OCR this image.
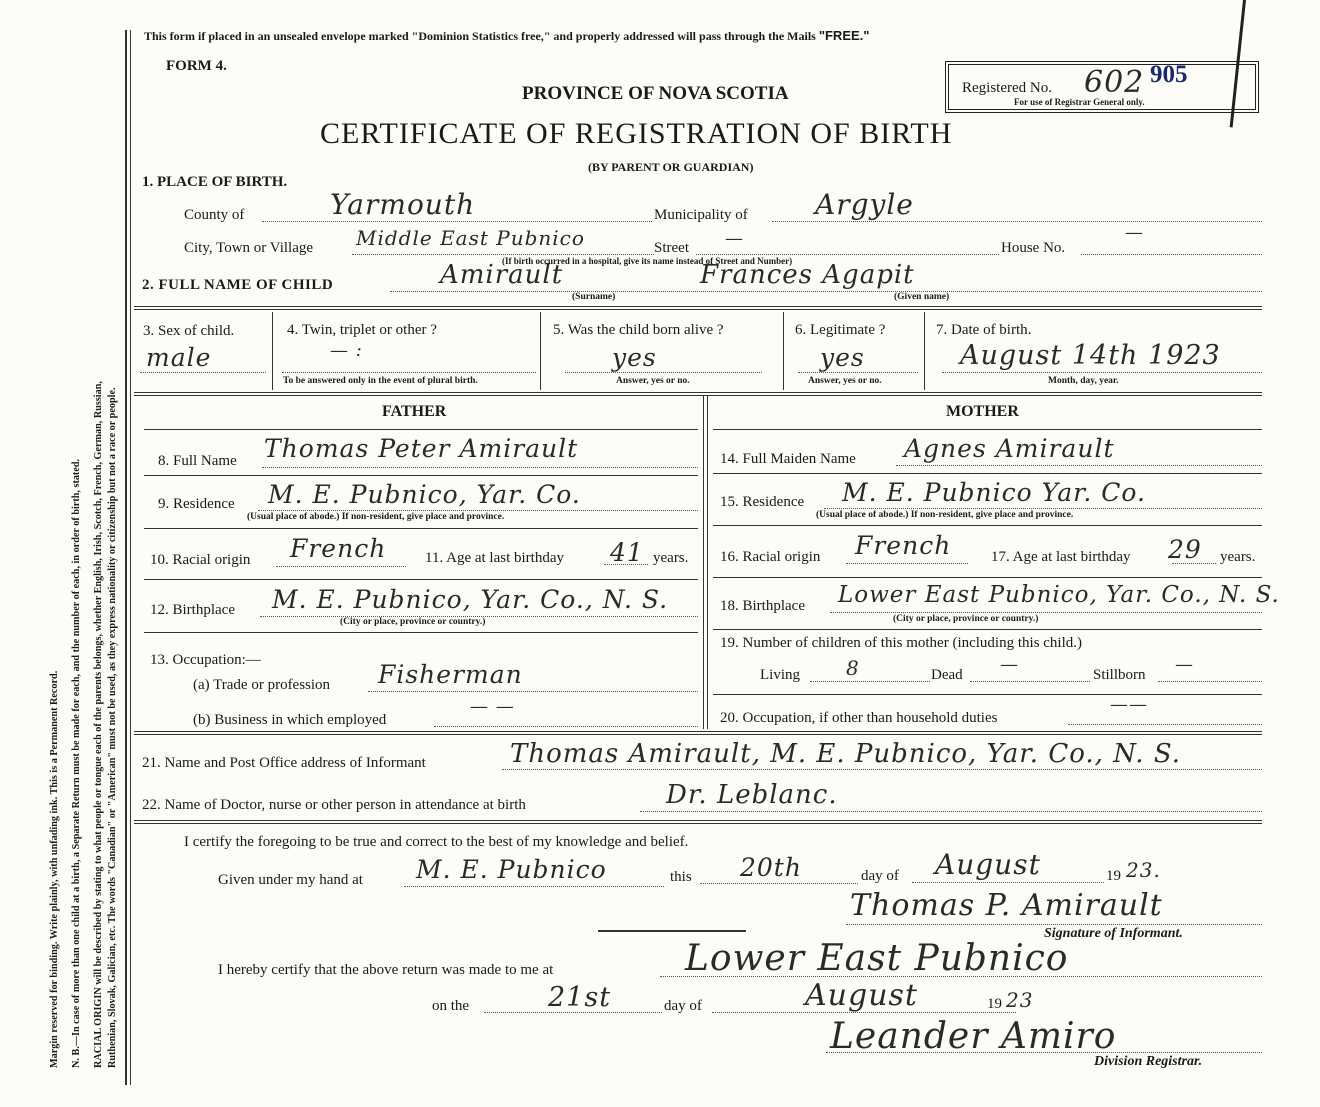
Margin reserved for binding. Write plainly, with unfading ink. This is a Permanent Record. N. B.—In case of more than one child at a birth, a Separate Return must be made for each, and the number of each, in order of birth, stated. RACIAL ORIGIN will be described by stating to what people or tongue each of the parents belongs, whether English, Irish, Scotch, French, German, Russian, Ruthenian, Slovak, Galician, etc. The words "Canadian" or "American" must not be used, as they express nationality or citizenship but not a race or people.
This form if placed in an unsealed envelope marked "Dominion Statistics free," and properly addressed will pass through the Mails "FREE."
FORM 4.
PROVINCE OF NOVA SCOTIA
CERTIFICATE OF REGISTRATION OF BIRTH
(BY PARENT OR GUARDIAN)
Registered No. 602 905
For use of Registrar General only.
1. PLACE OF BIRTH.
County of	Yarmouth	Municipality of Argyle
City, Town or Village Middle East Pubnico	Street —	House No.
—
(If birth occurred in a hospital, give its name instead of Street and Number)
2. FULL NAME OF CHILD	Amirault	Frances Agapit
(Surname)	(Given name)
3. Sex of child.
male
4. Twin, triplet or other ?
— :
To be answered only in the event of plural birth.
5. Was the child born alive ?
yes
Answer, yes or no.
6. Legitimate ?
yes
Answer, yes or no.
7. Date of birth.
August 14th 1923
Month, day, year.
FATHER	MOTHER
8. Full Name Thomas Peter Amirault
9. Residence M. E. Pubnico, Yar. Co.
(Usual place of abode.) If non-resident, give place and province.
10. Racial origin French	11. Age at last birthday 41 years.
12. Birthplace M. E. Pubnico, Yar. Co., N. S.
(City or place, province or country.)
13. Occupation:—
(a) Trade or profession Fisherman
(b) Business in which employed
— —
14. Full Maiden Name Agnes Amirault
15. Residence M. E. Pubnico Yar. Co.
(Usual place of abode.) If non-resident, give place and province.
16. Racial origin French	17. Age at last birthday 29 years.
18. Birthplace Lower East Pubnico, Yar. Co., N. S.
(City or place, province or country.)
19. Number of children of this mother (including this child.)
Living 8	Dead —	Stillborn —
20. Occupation, if other than household duties
——
21. Name and Post Office address of Informant	Thomas Amirault, M. E. Pubnico, Yar. Co., N. S.
22. Name of Doctor, nurse or other person in attendance at birth	Dr. Leblanc.
I certify the foregoing to be true and correct to the best of my knowledge and belief.
Given under my hand at M. E. Pubnico	this 20th	day of August	19 23.
Thomas P. Amirault
Signature of Informant.
I hereby certify that the above return was made to me at	Lower East Pubnico
on the	21st	day of	August	19 23
Leander Amiro
Division Registrar.
